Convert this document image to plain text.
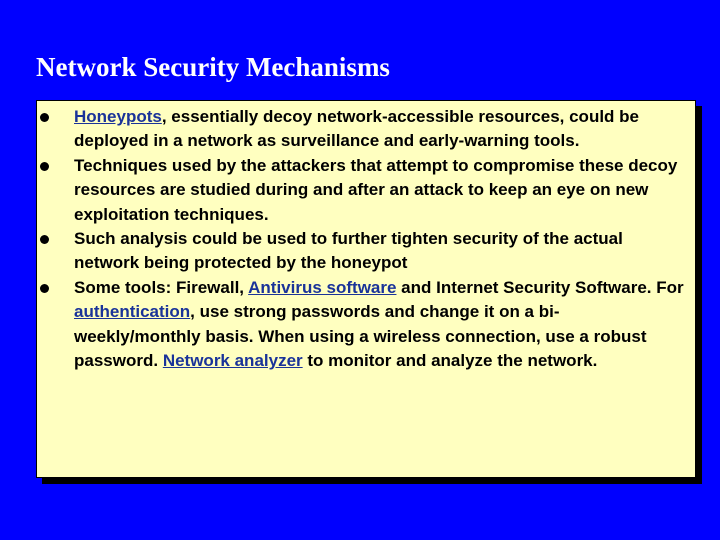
Network Security Mechanisms
Honeypots, essentially decoy network-accessible resources, could be deployed in a network as surveillance and early-warning tools.
Techniques used by the attackers that attempt to compromise these decoy resources are studied during and after an attack to keep an eye on new exploitation techniques.
Such analysis could be used to further tighten security of the actual network being protected by the honeypot
Some tools: Firewall, Antivirus software and Internet Security Software. For authentication, use strong passwords and change it on a bi-weekly/monthly basis. When using a wireless connection, use a robust password. Network analyzer to monitor and analyze the network.
